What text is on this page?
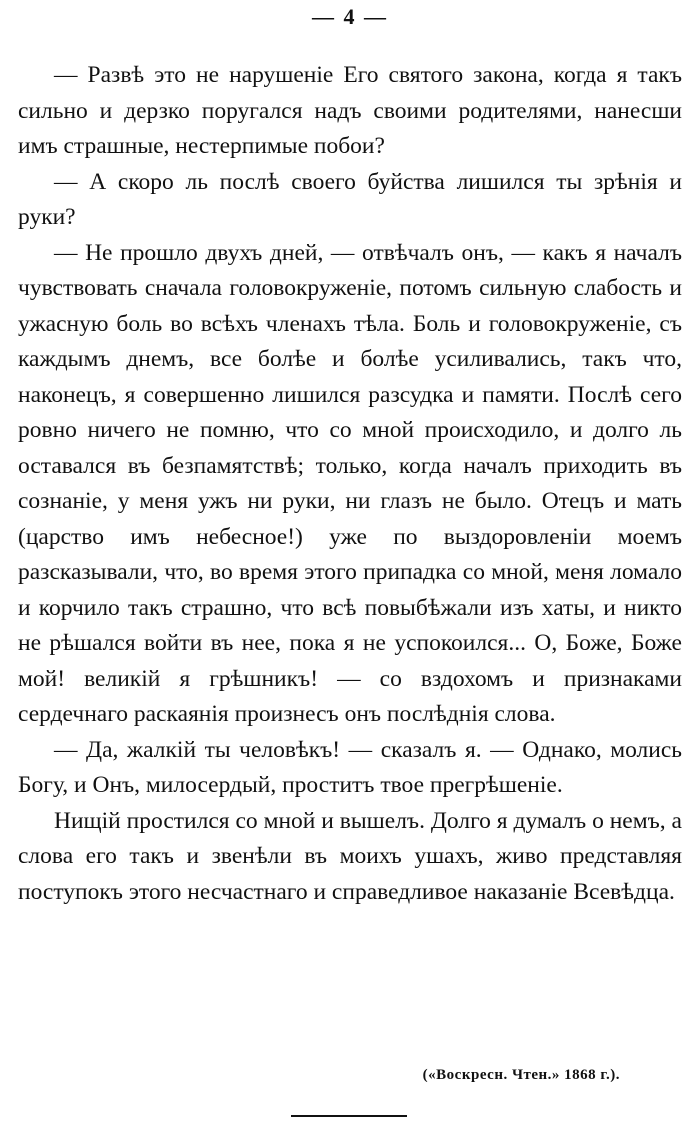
— 4 —

— Развѣ это не нарушеніе Его святого закона, когда я такъ сильно и дерзко поругался надъ своими родителями, нанесши имъ страшные, нестерпимые побои?

— А скоро ль послѣ своего буйства лишился ты зрѣнія и руки?

— Не прошло двухъ дней, — отвѣчалъ онъ, — какъ я началъ чувствовать сначала головокруженіе, потомъ сильную слабость и ужасную боль во всѣхъ членахъ тѣла. Боль и головокруженіе, съ каждымъ днемъ, все болѣе и болѣе усиливались, такъ что, наконецъ, я совершенно лишился разсудка и памяти. Послѣ сего ровно ничего не помню, что со мной происходило, и долго ль оставался въ безпамятствѣ; только, когда началъ приходить въ сознаніе, у меня ужъ ни руки, ни глазъ не было. Отецъ и мать (царство имъ небесное!) уже по выздоровленіи моемъ разсказывали, что, во время этого припадка со мной, меня ломало и корчило такъ страшно, что всѣ повыбѣжали изъ хаты, и никто не рѣшался войти въ нее, пока я не успокоился... О, Боже, Боже мой! великій я грѣшникъ! — со вздохомъ и признаками сердечнаго раскаянія произнесъ онъ послѣднія слова.

— Да, жалкій ты человѣкъ! — сказалъ я. — Однако, молись Богу, и Онъ, милосердый, проститъ твое прегрѣшеніе.

Нищій простился со мной и вышелъ. Долго я думалъ о немъ, а слова его такъ и звенѣли въ моихъ ушахъ, живо представляя поступокъ этого несчастнаго и справедливое наказаніе Всевѣдца.

(«Воскресн. Чтен.» 1868 г.).
